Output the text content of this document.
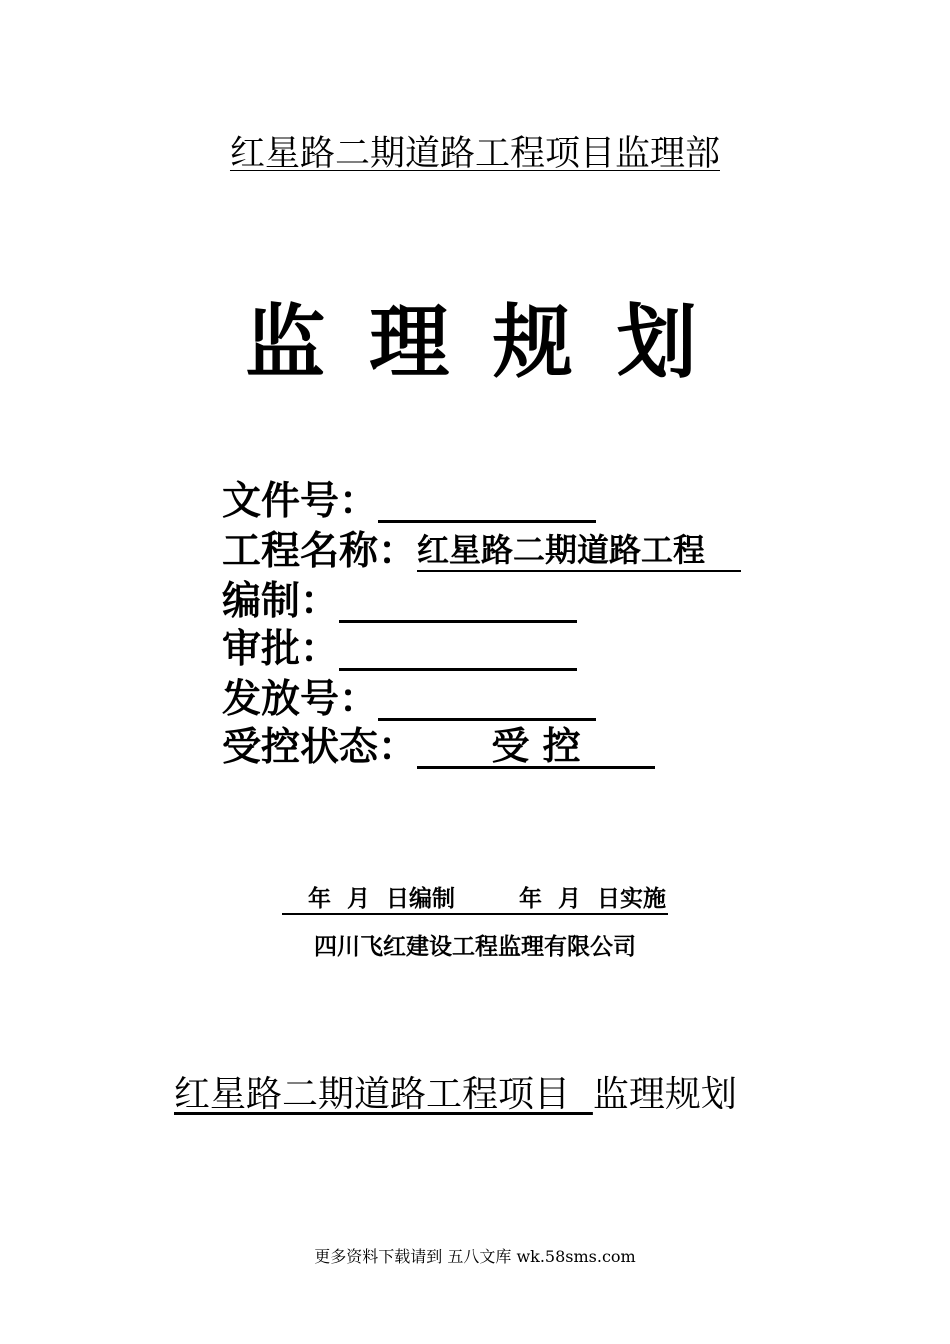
红星路二期道路工程项目监理部
监 理 规 划
文件号：
工程名称：红星路二期道路工程
编制：
审批：
发放号：
受控状态： 受 控
年  月  日编制        年  月  日实施
四川飞红建设工程监理有限公司
红星路二期道路工程项目  监理规划
更多资料下载请到 五八文库 wk.58sms.com
